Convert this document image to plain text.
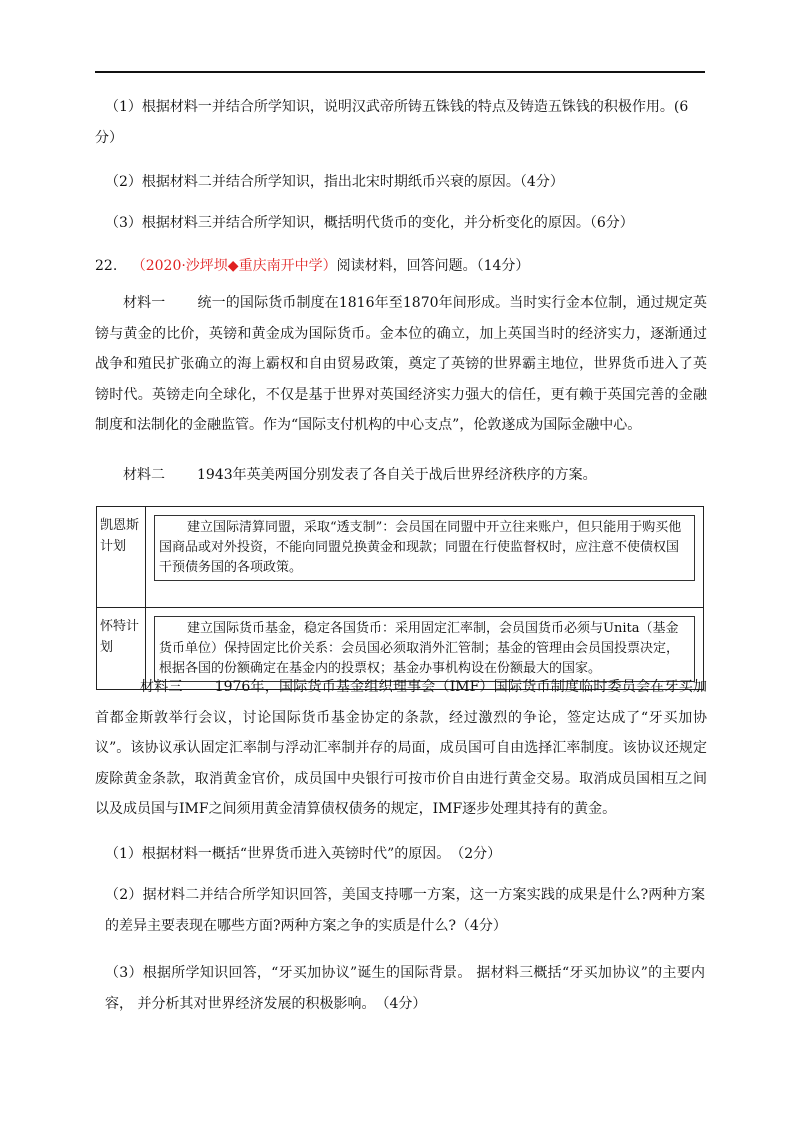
（1）根据材料一并结合所学知识，说明汉武帝所铸五铢钱的特点及铸造五铢钱的积极作用。(6
分）
（2）根据材料二并结合所学知识，指出北宋时期纸币兴衰的原因。（4分）
（3）根据材料三并结合所学知识，概括明代货币的变化，并分析变化的原因。（6分）
22. （2020·沙坪坝◆重庆南开中学）阅读材料，回答问题。（14分）

材料一 统一的国际货币制度在1816年至1870年间形成。当时实行金本位制，通过规定英镑与黄金的比价，英镑和黄金成为国际货币。金本位的确立，加上英国当时的经济实力，逐渐通过战争和殖民扩张确立的海上霸权和自由贸易政策，奠定了英镑的世界霸主地位，世界货币进入了英镑时代。英镑走向全球化，不仅是基于世界对英国经济实力强大的信任，更有赖于英国完善的金融制度和法制化的金融监管。作为“国际支付机构的中心支点”，伦敦遂成为国际金融中心。

材料二 1943年英美两国分别发表了各自关于战后世界经济秩序的方案。
凯恩斯计划	建立国际清算同盟，采取“透支制”：会员国在同盟中开立往来账户，但只能用于购买他国商品或对外投资，不能向同盟兑换黄金和现款；同盟在行使监督权时，应注意不使债权国干预债务国的各项政策。

怀特计划	建立国际货币基金，稳定各国货币：采用固定汇率制，会员国货币必须与Unita（基金货币单位）保持固定比价关系：会员国必须取消外汇管制；基金的管理由会员国投票决定，根据各国的份额确定在基金内的投票权；基金办事机构设在份额最大的国家。

材料三 1976年，国际货币基金组织理事会（IMF）国际货币制度临时委员会在牙买加首都金斯敦举行会议，讨论国际货币基金协定的条款，经过激烈的争论，签定达成了“牙买加协议”。该协议承认固定汇率制与浮动汇率制并存的局面，成员国可自由选择汇率制度。该协议还规定废除黄金条款，取消黄金官价，成员国中央银行可按市价自由进行黄金交易。取消成员国相互之间以及成员国与IMF之间须用黄金清算债权债务的规定，IMF逐步处理其持有的黄金。

（1）根据材料一概括“世界货币进入英镑时代”的原因。　（2分）

（2）据材料二并结合所学知识回答，美国支持哪一方案，这一方案实践的成果是什么?两种方案的差异主要表现在哪些方面?两种方案之争的实质是什么?（4分）

（3）根据所学知识回答，“牙买加协议”诞生的国际背景。 据材料三概括“牙买加协议”的主要内容， 并分析其对世界经济发展的积极影响。　（4分）
